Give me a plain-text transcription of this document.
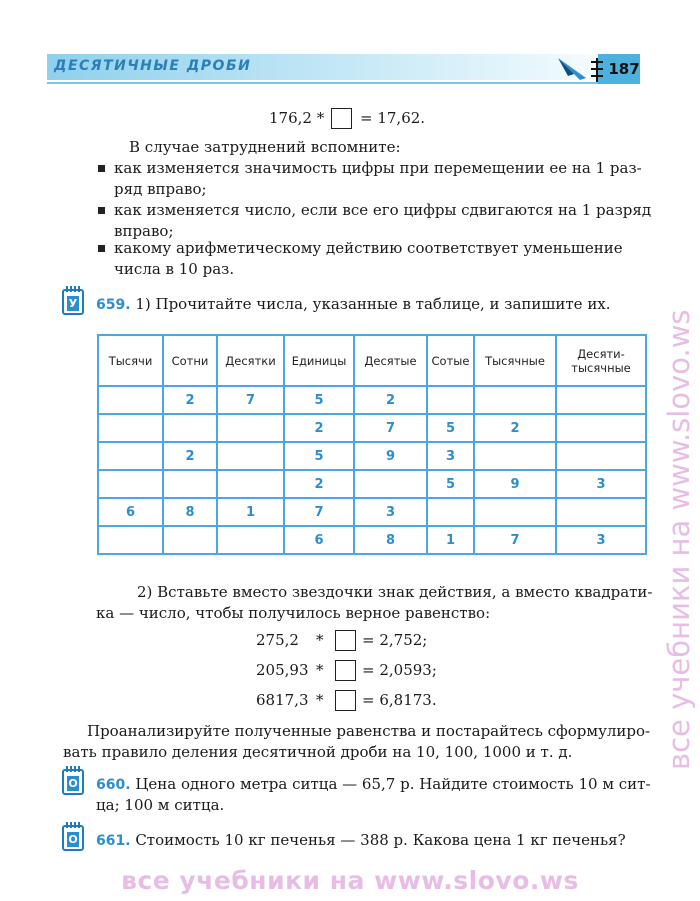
ДЕСЯТИЧНЫЕ ДРОБИ	187
176,2 * = 17,62.
В случае затруднений вспомните:
как изменяется значимость цифры при перемещении ее на 1 раз-
ряд вправо;
как изменяется число, если все его цифры сдвигаются на 1 разряд
вправо;
какому арифметическому действию соответствует уменьшение
числа в 10 раз.
У 659. 1) Прочитайте числа, указанные в таблице, и запишите их.
Тысячи	Сотни	Десятки	Единицы	Десятые	Сотые	Тысячные	Десяти-
тысячные
	2	7	5	2			
			2	7	5	2	
	2		5	9	3		
			2		5	9	3
6	8	1	7	3			
			6	8	1	7	3
2) Вставьте вместо звездочки знак действия, а вместо квадрати-
ка — число, чтобы получилось верное равенство:
275,2 *	= 2,752;
205,93 *	= 2,0593;
6817,3 *	= 6,8173.
Проанализируйте полученные равенства и постарайтесь сформулиро-
вать правило деления десятичной дроби на 10, 100, 1000 и т. д.
О 660. Цена одного метра ситца — 65,7 р. Найдите стоимость 10 м сит-
ца; 100 м ситца.
О 661. Стоимость 10 кг печенья — 388 р. Какова цена 1 кг печенья?
все учебники на www.slovo.ws
все учебники на www.slovo.ws
